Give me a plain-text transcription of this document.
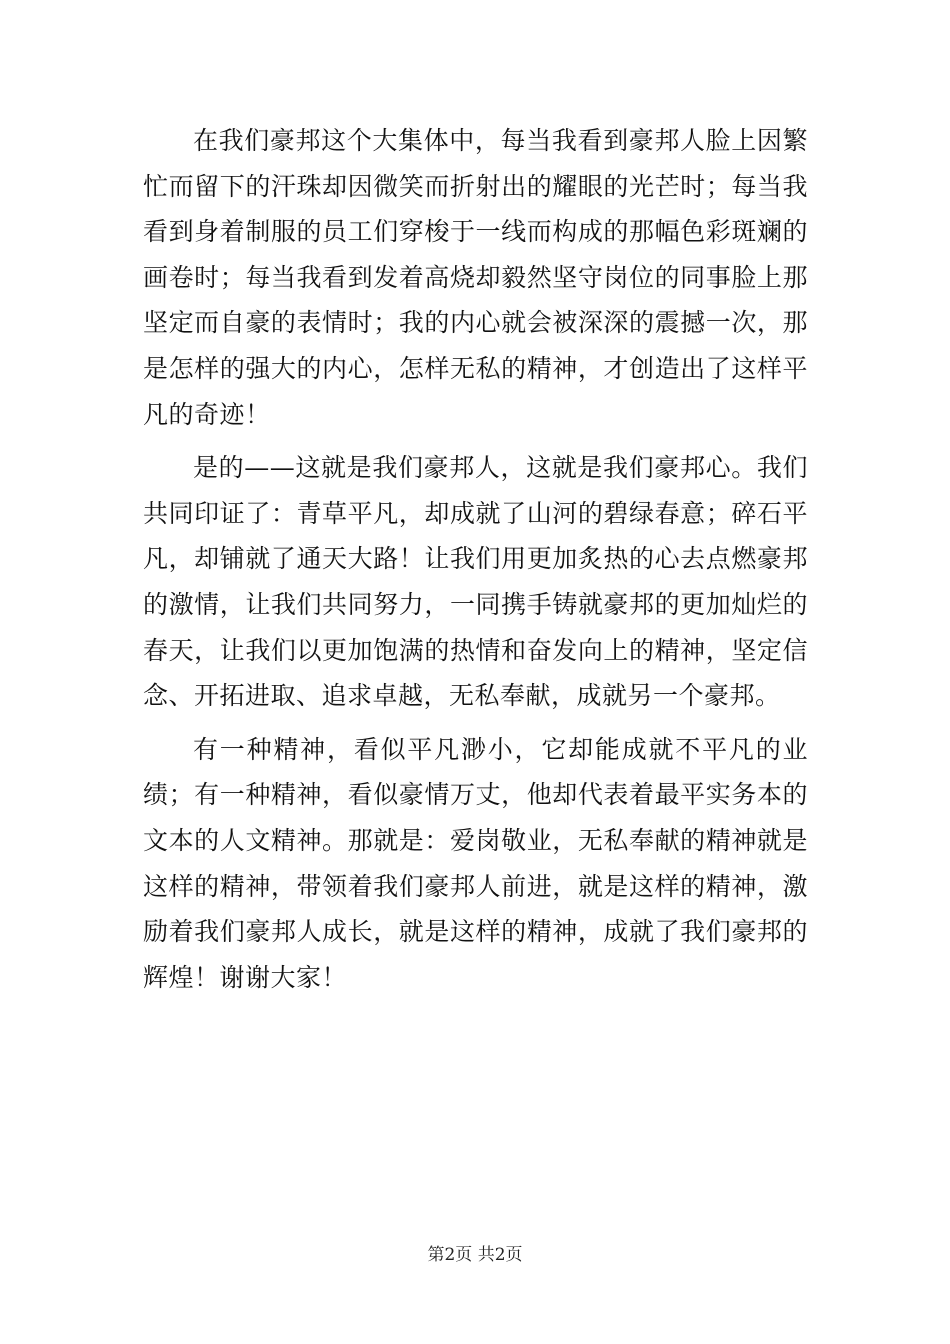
在我们豪邦这个大集体中，每当我看到豪邦人脸上因繁忙而留下的汗珠却因微笑而折射出的耀眼的光芒时；每当我看到身着制服的员工们穿梭于一线而构成的那幅色彩斑斓的画卷时；每当我看到发着高烧却毅然坚守岗位的同事脸上那坚定而自豪的表情时；我的内心就会被深深的震撼一次，那是怎样的强大的内心，怎样无私的精神，才创造出了这样平凡的奇迹！

是的——这就是我们豪邦人，这就是我们豪邦心。我们共同印证了：青草平凡，却成就了山河的碧绿春意；碎石平凡，却铺就了通天大路！让我们用更加炙热的心去点燃豪邦的激情，让我们共同努力，一同携手铸就豪邦的更加灿烂的春天，让我们以更加饱满的热情和奋发向上的精神，坚定信念、开拓进取、追求卓越，无私奉献，成就另一个豪邦。

有一种精神，看似平凡渺小，它却能成就不平凡的业绩；有一种精神，看似豪情万丈，他却代表着最平实务本的文本的人文精神。那就是：爱岗敬业，无私奉献的精神就是这样的精神，带领着我们豪邦人前进，就是这样的精神，激励着我们豪邦人成长，就是这样的精神，成就了我们豪邦的辉煌！谢谢大家！

第2页 共2页
